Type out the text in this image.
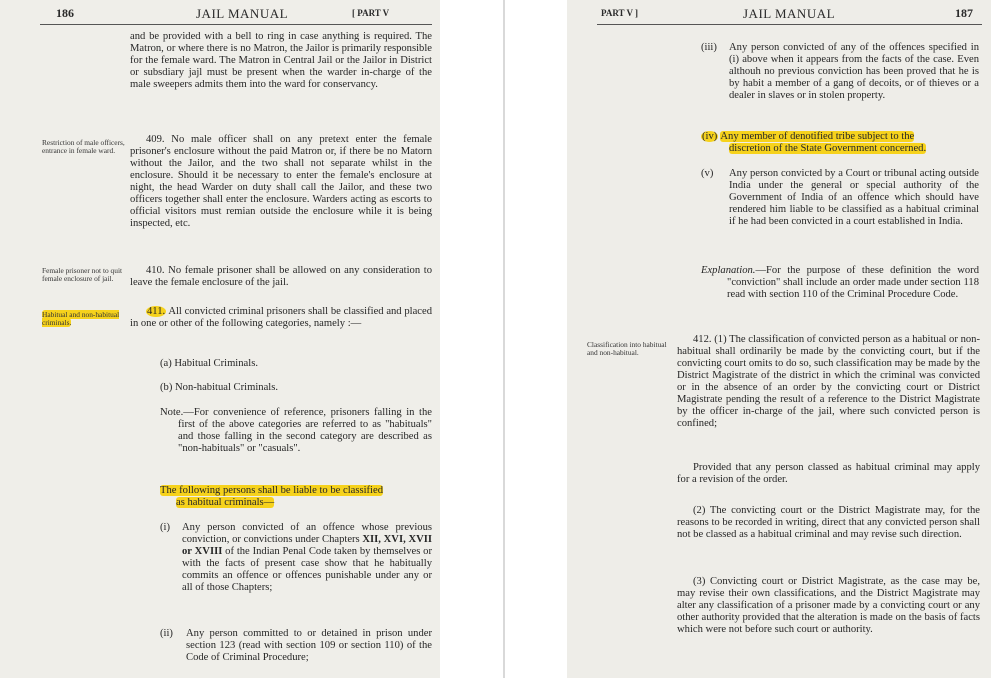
186	JAIL MANUAL	[ PART V
and be provided with a bell to ring in case anything is required. The Matron, or where there is no Matron, the Jailor is primarily responsible for the female ward. The Matron in Central Jail or the Jailor in District or subsdiary jajl must be present when the warder in-charge of the male sweepers admits them into the ward for conservancy.
Restriction of male officers, entrance in female ward.
409. No male officer shall on any pretext enter the female prisoner's enclosure without the paid Matron or, if there be no Matorn without the Jailor, and the two shall not separate whilst in the enclosure. Should it be necessary to enter the female's enclosure at night, the head Warder on duty shall call the Jailor, and these two officers together shall enter the enclosure. Warders acting as escorts to official visitors must remian outside the enclosure while it is being inspected, etc.
Female prisoner not to quit female enclosure of jail.
410. No female prisoner shall be allowed on any consideration to leave the female enclosure of the jail.
Habitual and non-habitual criminals.
411. All convicted criminal prisoners shall be classified and placed in one or other of the following categories, namely :—
(a) Habitual Criminals.
(b) Non-habitual Criminals.
Note.—For convenience of reference, prisoners falling in the first of the above categories are referred to as "habituals" and those falling in the second category are described as "non-habituals" or "casuals".
The following persons shall be liable to be classified
as habitual criminals—
(i)	Any person convicted of an offence whose previous conviction, or convictions under Chapters XII, XVI, XVII or XVIII of the Indian Penal Code taken by themselves or with the facts of present case show that he habitually commits an offence or offences punishable under any or all of those Chapters;
(ii)	Any person committed to or detained in prison under section 123 (read with section 109 or section 110) of the Code of Criminal Procedure;
PART V ]	JAIL MANUAL	187
(iii)	Any person convicted of any of the offences specified in (i) above when it appears from the facts of the case. Even althouh no previous conviction has been proved that he is by habit a member of a gang of decoits, or of thieves or a dealer in slaves or in stolen property.
(iv) Any member of denotified tribe subject to the
discretion of the State Government concerned.
(v)	Any person convicted by a Court or tribunal acting outside India under the general or special authority of the Government of India of an offence which should have rendered him liable to be classified as a habitual criminal if he had been convicted in a court established in India.
Explanation.—For the purpose of these definition the word "conviction" shall include an order made under section 118 read with section 110 of the Criminal Procedure Code.
Classification into habitual and non-habitual.
412. (1) The classification of convicted person as a habitual or non-habitual shall ordinarily be made by the convicting court, but if the convicting court omits to do so, such classification may be made by the District Magistrate of the district in which the criminal was convicted or in the absence of an order by the convicting court or District Magistrate pending the result of a reference to the District Magistrate by the officer in-charge of the jail, where such convicted person is confined;
Provided that any person classed as habitual criminal may apply for a revision of the order.
(2) The convicting court or the District Magistrate may, for the reasons to be recorded in writing, direct that any convicted person shall not be classed as a habitual criminal and may revise such direction.
(3) Convicting court or District Magistrate, as the case may be, may revise their own classifications, and the District Magistrate may alter any classification of a prisoner made by a convicting court or any other authority provided that the alteration is made on the basis of facts which were not before such court or authority.
